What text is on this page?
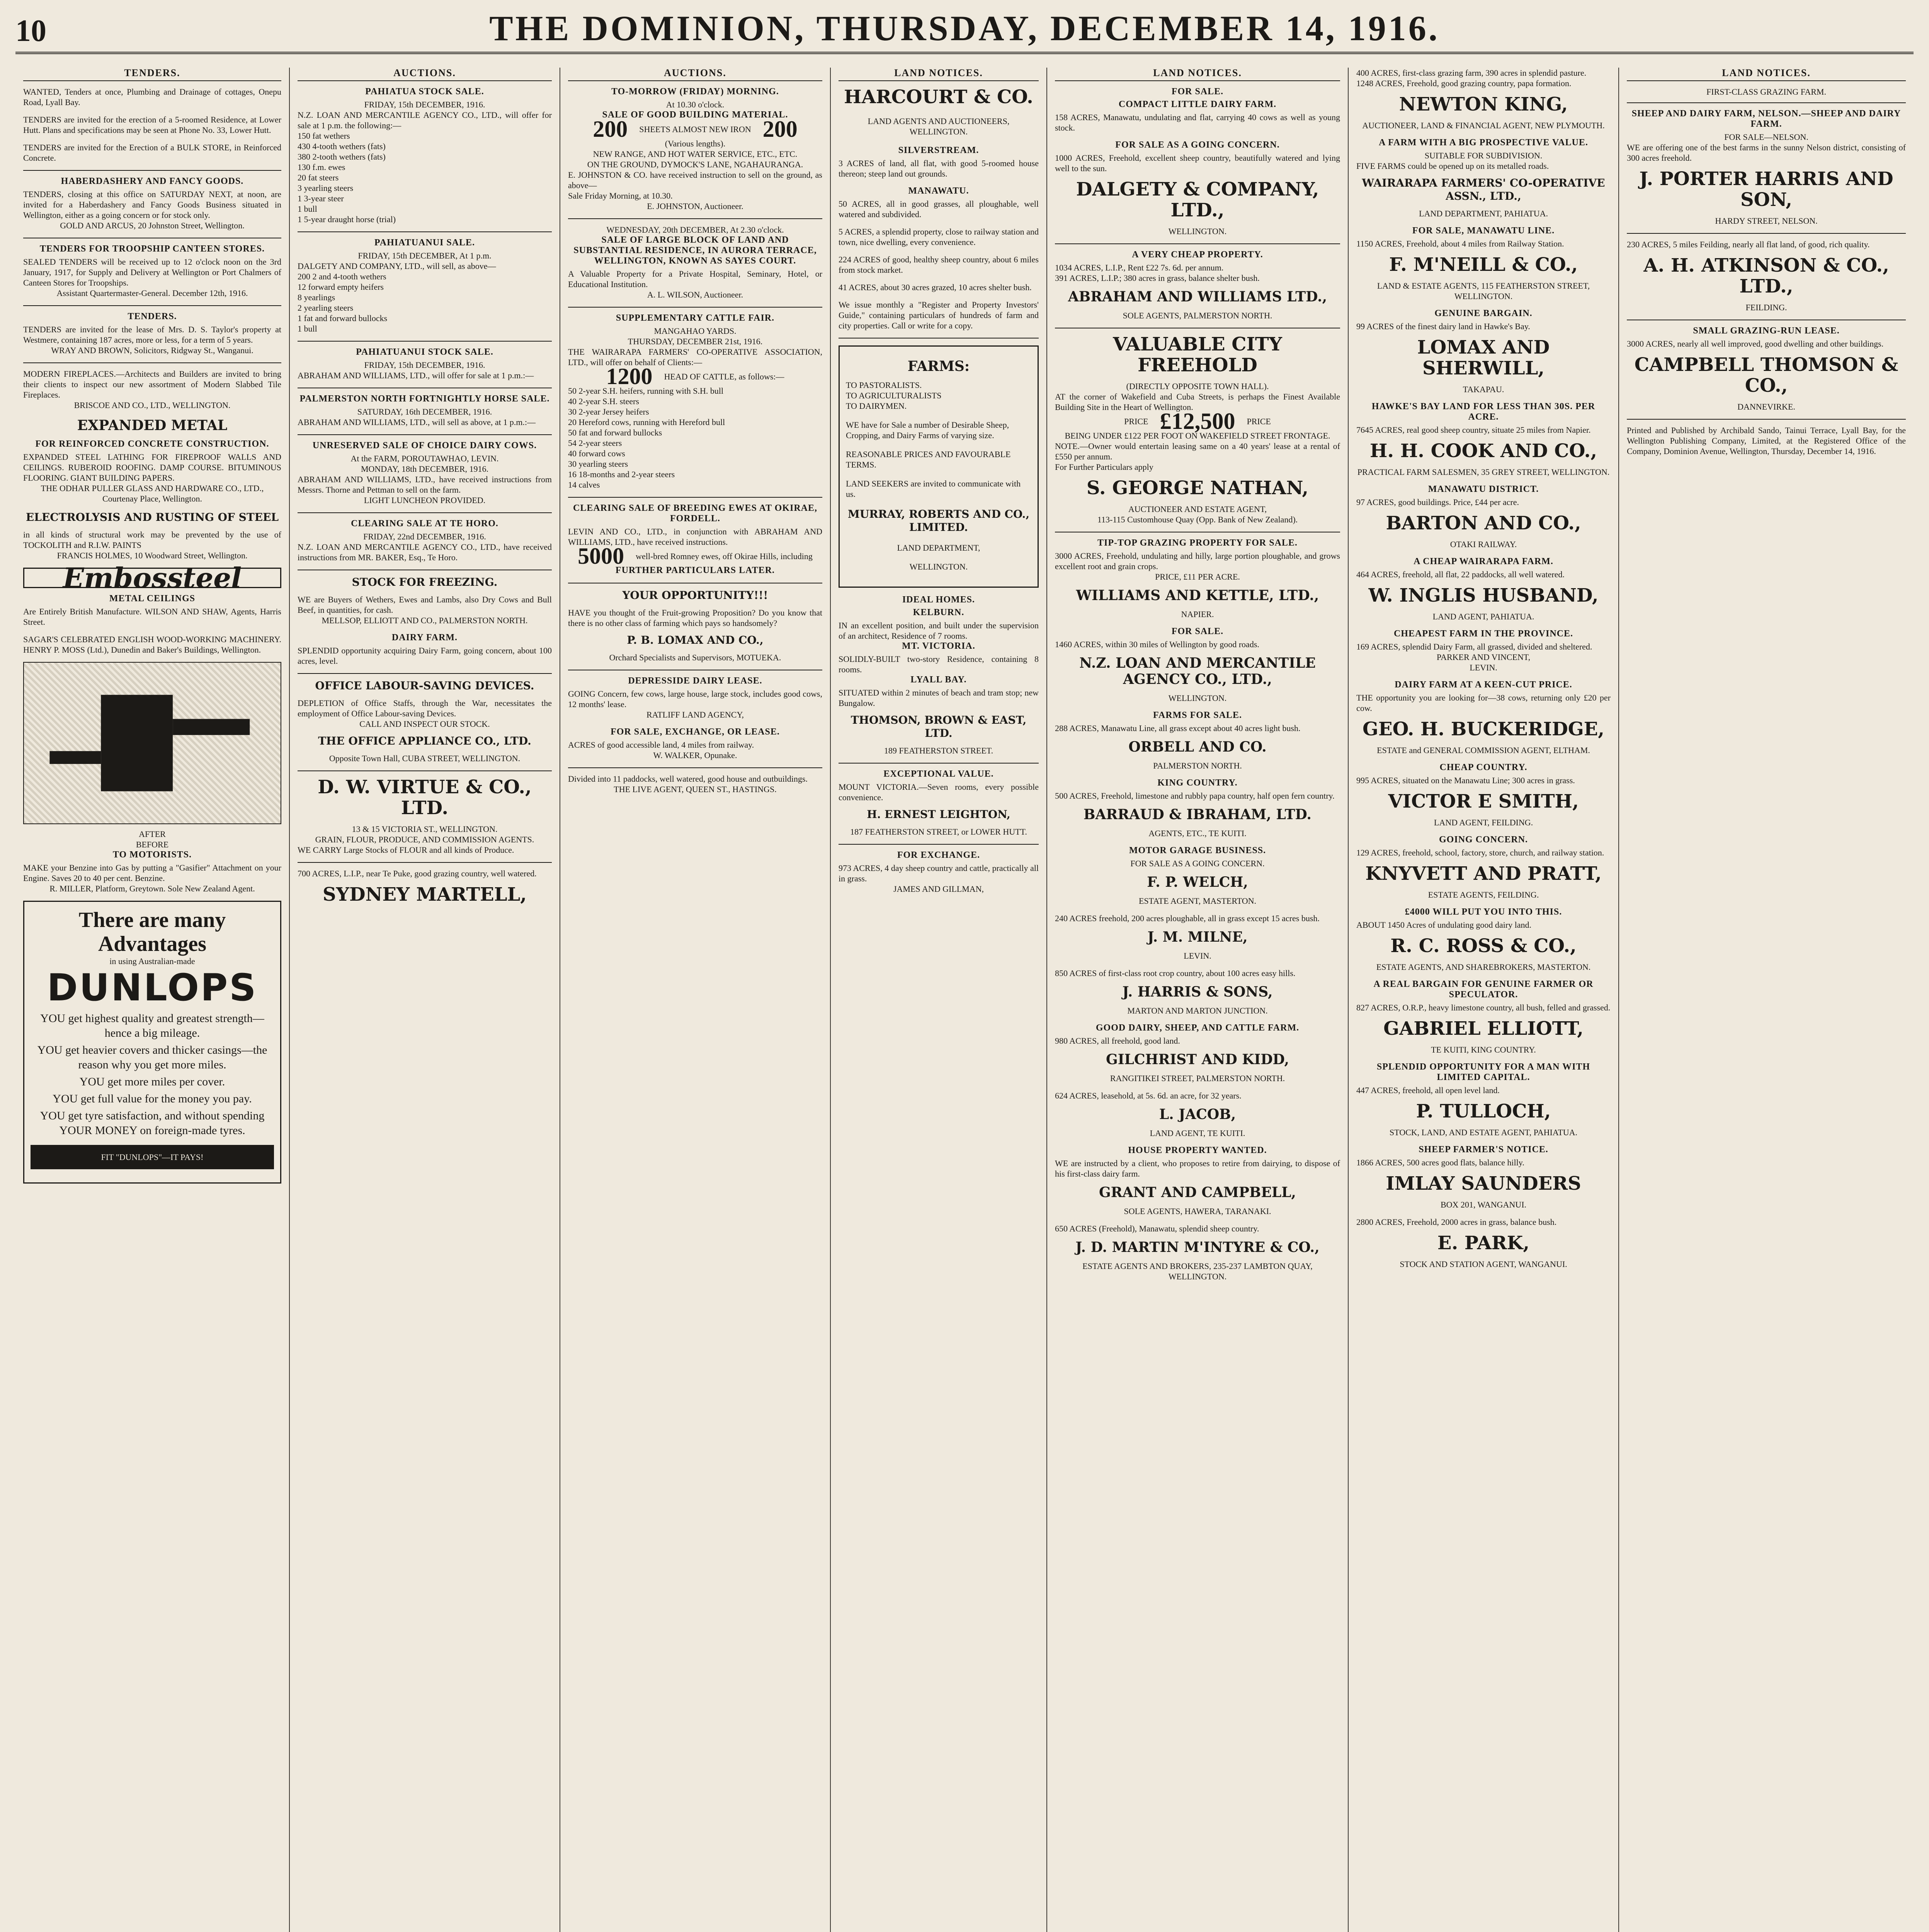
10	THE DOMINION, THURSDAY, DECEMBER 14, 1916.
TENDERS.

WANTED, Tenders at once, Plumbing and Drainage of cottages, Onepu Road, Lyall Bay.

TENDERS are invited for the erection of a 5-roomed Residence, at Lower Hutt. Plans and specifications may be seen at Phone No. 33, Lower Hutt.

TENDERS are invited for the Erection of a BULK STORE, in Reinforced Concrete.

HABERDASHERY AND FANCY GOODS.

TENDERS, closing at this office on SATURDAY NEXT, at noon, are invited for a Haberdashery and Fancy Goods Business situated in Wellington, either as a going concern or for stock only.

GOLD AND ARCUS, 20 Johnston Street, Wellington.

TENDERS FOR TROOPSHIP CANTEEN STORES.

SEALED TENDERS will be received up to 12 o'clock noon on the 3rd January, 1917, for Supply and Delivery at Wellington or Port Chalmers of Canteen Stores for Troopships.

Assistant Quartermaster-General. December 12th, 1916.

TENDERS.

TENDERS are invited for the lease of Mrs. D. S. Taylor's property at Westmere, containing 187 acres, more or less, for a term of 5 years.

WRAY AND BROWN, Solicitors, Ridgway St., Wanganui.

MODERN FIREPLACES.—Architects and Builders are invited to bring their clients to inspect our new assortment of Modern Slabbed Tile Fireplaces.

BRISCOE AND CO., LTD., WELLINGTON.

EXPANDED METAL
FOR REINFORCED CONCRETE CONSTRUCTION.

EXPANDED STEEL LATHING FOR FIREPROOF WALLS AND CEILINGS. RUBEROID ROOFING. DAMP COURSE. BITUMINOUS FLOORING. GIANT BUILDING PAPERS.

THE ODHAR PULLER GLASS AND HARDWARE CO., LTD., Courtenay Place, Wellington.

ELECTROLYSIS AND RUSTING OF STEEL

in all kinds of structural work may be prevented by the use of TOCKOLITH and R.I.W. PAINTS

FRANCIS HOLMES, 10 Woodward Street, Wellington.

Embossteel
METAL CEILINGS

Are Entirely British Manufacture. WILSON AND SHAW, Agents, Harris Street.

SAGAR'S CELEBRATED ENGLISH WOOD-WORKING MACHINERY. HENRY P. MOSS (Ltd.), Dunedin and Baker's Buildings, Wellington.

AFTER
BEFORE
TO MOTORISTS.

MAKE your Benzine into Gas by putting a "Gasifier" Attachment on your Engine. Saves 20 to 40 per cent. Benzine.

R. MILLER, Platform, Greytown. Sole New Zealand Agent.

There are many Advantages
in using Australian-made
DUNLOPS
YOU get highest quality and greatest strength—hence a big mileage.
YOU get heavier covers and thicker casings—the reason why you get more miles.
YOU get more miles per cover.
YOU get full value for the money you pay.
YOU get tyre satisfaction, and without spending YOUR MONEY on foreign-made tyres.
FIT "DUNLOPS"—IT PAYS!
AUCTIONS.
PAHIATUA STOCK SALE.

FRIDAY, 15th DECEMBER, 1916.

N.Z. LOAN AND MERCANTILE AGENCY CO., LTD., will offer for sale at 1 p.m. the following:—

150 fat wethers

430 4-tooth wethers (fats)

380 2-tooth wethers (fats)

130 f.m. ewes

20 fat steers

3 yearling steers

1 3-year steer

1 bull

1 5-year draught horse (trial)

PAHIATUANUI SALE.

FRIDAY, 15th DECEMBER, At 1 p.m.

DALGETY AND COMPANY, LTD., will sell, as above—

200 2 and 4-tooth wethers

12 forward empty heifers

8 yearlings

2 yearling steers

1 fat and forward bullocks

1 bull

PAHIATUANUI STOCK SALE.

FRIDAY, 15th DECEMBER, 1916.

ABRAHAM AND WILLIAMS, LTD., will offer for sale at 1 p.m.:—

PALMERSTON NORTH FORTNIGHTLY HORSE SALE.

SATURDAY, 16th DECEMBER, 1916.

ABRAHAM AND WILLIAMS, LTD., will sell as above, at 1 p.m.:—

UNRESERVED SALE OF CHOICE DAIRY COWS.

At the FARM, POROUTAWHAO, LEVIN.

MONDAY, 18th DECEMBER, 1916.

ABRAHAM AND WILLIAMS, LTD., have received instructions from Messrs. Thorne and Pettman to sell on the farm.

LIGHT LUNCHEON PROVIDED.

CLEARING SALE AT TE HORO.

FRIDAY, 22nd DECEMBER, 1916.

N.Z. LOAN AND MERCANTILE AGENCY CO., LTD., have received instructions from MR. BAKER, Esq., Te Horo.

STOCK FOR FREEZING.

WE are Buyers of Wethers, Ewes and Lambs, also Dry Cows and Bull Beef, in quantities, for cash.

MELLSOP, ELLIOTT AND CO., PALMERSTON NORTH.

DAIRY FARM.

SPLENDID opportunity acquiring Dairy Farm, going concern, about 100 acres, level.

OFFICE LABOUR-SAVING DEVICES.

DEPLETION of Office Staffs, through the War, necessitates the employment of Office Labour-saving Devices.

CALL AND INSPECT OUR STOCK.

THE OFFICE APPLIANCE CO., LTD.

Opposite Town Hall, CUBA STREET, WELLINGTON.

D. W. VIRTUE & CO., LTD.

13 & 15 VICTORIA ST., WELLINGTON.

GRAIN, FLOUR, PRODUCE, AND COMMISSION AGENTS.

WE CARRY Large Stocks of FLOUR and all kinds of Produce.

700 ACRES, L.I.P., near Te Puke, good grazing country, well watered.

SYDNEY MARTELL,
AUCTIONS.
TO-MORROW (FRIDAY) MORNING.

At 10.30 o'clock.

SALE OF GOOD BUILDING MATERIAL.
200 SHEETS ALMOST NEW IRON 200

(Various lengths).

NEW RANGE, AND HOT WATER SERVICE, ETC., ETC.

ON THE GROUND, DYMOCK'S LANE, NGAHAURANGA.

E. JOHNSTON & CO. have received instruction to sell on the ground, as above—

Sale Friday Morning, at 10.30.

E. JOHNSTON, Auctioneer.

WEDNESDAY, 20th DECEMBER, At 2.30 o'clock.

SALE OF LARGE BLOCK OF LAND AND SUBSTANTIAL RESIDENCE, IN AURORA TERRACE, WELLINGTON, KNOWN AS SAYES COURT.

A Valuable Property for a Private Hospital, Seminary, Hotel, or Educational Institution.

A. L. WILSON, Auctioneer.

SUPPLEMENTARY CATTLE FAIR.

MANGAHAO YARDS.

THURSDAY, DECEMBER 21st, 1916.

THE WAIRARAPA FARMERS' CO-OPERATIVE ASSOCIATION, LTD., will offer on behalf of Clients:—

1200 HEAD OF CATTLE, as follows:—

50 2-year S.H. heifers, running with S.H. bull

40 2-year S.H. steers

30 2-year Jersey heifers

20 Hereford cows, running with Hereford bull

50 fat and forward bullocks

54 2-year steers

40 forward cows

30 yearling steers

16 18-months and 2-year steers

14 calves

CLEARING SALE OF BREEDING EWES AT OKIRAE, FORDELL.

LEVIN AND CO., LTD., in conjunction with ABRAHAM AND WILLIAMS, LTD., have received instructions.

5000 well-bred Romney ewes, off Okirae Hills, including
FURTHER PARTICULARS LATER.
YOUR OPPORTUNITY!!!

HAVE you thought of the Fruit-growing Proposition? Do you know that there is no other class of farming which pays so handsomely?

P. B. LOMAX AND CO.,

Orchard Specialists and Supervisors, MOTUEKA.

DEPRESSIDE DAIRY LEASE.

GOING Concern, few cows, large house, large stock, includes good cows, 12 months' lease.

RATLIFF LAND AGENCY,

FOR SALE, EXCHANGE, OR LEASE.

ACRES of good accessible land, 4 miles from railway.

W. WALKER, Opunake.

Divided into 11 paddocks, well watered, good house and outbuildings.

THE LIVE AGENT, QUEEN ST., HASTINGS.

LAND NOTICES.
HARCOURT & CO.

LAND AGENTS AND AUCTIONEERS, WELLINGTON.

SILVERSTREAM.

3 ACRES of land, all flat, with good 5-roomed house thereon; steep land out grounds.

MANAWATU.

50 ACRES, all in good grasses, all ploughable, well watered and subdivided.

5 ACRES, a splendid property, close to railway station and town, nice dwelling, every convenience.

224 ACRES of good, healthy sheep country, about 6 miles from stock market.

41 ACRES, about 30 acres grazed, 10 acres shelter bush.

We issue monthly a "Register and Property Investors' Guide," containing particulars of hundreds of farm and city properties. Call or write for a copy.

FARMS:
TO PASTORALISTS.
TO AGRICULTURALISTS
TO DAIRYMEN.

WE have for Sale a number of Desirable Sheep, Cropping, and Dairy Farms of varying size.

REASONABLE PRICES AND FAVOURABLE TERMS.

LAND SEEKERS are invited to communicate with us.

MURRAY, ROBERTS AND CO., LIMITED.

LAND DEPARTMENT,

WELLINGTON.

IDEAL HOMES.
KELBURN.

IN an excellent position, and built under the supervision of an architect, Residence of 7 rooms.

MT. VICTORIA.

SOLIDLY-BUILT two-story Residence, containing 8 rooms.

LYALL BAY.

SITUATED within 2 minutes of beach and tram stop; new Bungalow.

THOMSON, BROWN & EAST, LTD.

189 FEATHERSTON STREET.

EXCEPTIONAL VALUE.

MOUNT VICTORIA.—Seven rooms, every possible convenience.

H. ERNEST LEIGHTON,

187 FEATHERSTON STREET, or LOWER HUTT.

FOR EXCHANGE.

973 ACRES, 4 day sheep country and cattle, practically all in grass.

JAMES AND GILLMAN,

LAND NOTICES.
FOR SALE.
COMPACT LITTLE DAIRY FARM.

158 ACRES, Manawatu, undulating and flat, carrying 40 cows as well as young stock.

FOR SALE AS A GOING CONCERN.

1000 ACRES, Freehold, excellent sheep country, beautifully watered and lying well to the sun.

DALGETY & COMPANY, LTD.,

WELLINGTON.

A VERY CHEAP PROPERTY.

1034 ACRES, L.I.P., Rent £22 7s. 6d. per annum.

391 ACRES, L.I.P.; 380 acres in grass, balance shelter bush.

ABRAHAM AND WILLIAMS LTD.,

SOLE AGENTS, PALMERSTON NORTH.

VALUABLE CITY FREEHOLD

(DIRECTLY OPPOSITE TOWN HALL).

AT the corner of Wakefield and Cuba Streets, is perhaps the Finest Available Building Site in the Heart of Wellington.

PRICE £12,500 PRICE

BEING UNDER £122 PER FOOT ON WAKEFIELD STREET FRONTAGE.

NOTE.—Owner would entertain leasing same on a 40 years' lease at a rental of £550 per annum.

For Further Particulars apply

S. GEORGE NATHAN,

AUCTIONEER AND ESTATE AGENT,

113-115 Customhouse Quay (Opp. Bank of New Zealand).

TIP-TOP GRAZING PROPERTY FOR SALE.

3000 ACRES, Freehold, undulating and hilly, large portion ploughable, and grows excellent root and grain crops.

PRICE, £11 PER ACRE.

WILLIAMS AND KETTLE, LTD.,

NAPIER.

FOR SALE.

1460 ACRES, within 30 miles of Wellington by good roads.

N.Z. LOAN AND MERCANTILE AGENCY CO., LTD.,

WELLINGTON.

FARMS FOR SALE.

288 ACRES, Manawatu Line, all grass except about 40 acres light bush.

ORBELL AND CO.

PALMERSTON NORTH.

KING COUNTRY.

500 ACRES, Freehold, limestone and rubbly papa country, half open fern country.

BARRAUD & IBRAHAM, LTD.

AGENTS, ETC., TE KUITI.

MOTOR GARAGE BUSINESS.

FOR SALE AS A GOING CONCERN.

F. P. WELCH,

ESTATE AGENT, MASTERTON.

240 ACRES freehold, 200 acres ploughable, all in grass except 15 acres bush.

J. M. MILNE,

LEVIN.

850 ACRES of first-class root crop country, about 100 acres easy hills.

J. HARRIS & SONS,

MARTON AND MARTON JUNCTION.

GOOD DAIRY, SHEEP, AND CATTLE FARM.

980 ACRES, all freehold, good land.

GILCHRIST AND KIDD,

RANGITIKEI STREET, PALMERSTON NORTH.

624 ACRES, leasehold, at 5s. 6d. an acre, for 32 years.

L. JACOB,

LAND AGENT, TE KUITI.

HOUSE PROPERTY WANTED.

WE are instructed by a client, who proposes to retire from dairying, to dispose of his first-class dairy farm.

GRANT AND CAMPBELL,

SOLE AGENTS, HAWERA, TARANAKI.

650 ACRES (Freehold), Manawatu, splendid sheep country.

J. D. MARTIN M'INTYRE & CO.,

ESTATE AGENTS AND BROKERS, 235-237 LAMBTON QUAY, WELLINGTON.

400 ACRES, first-class grazing farm, 390 acres in splendid pasture.

1248 ACRES, Freehold, good grazing country, papa formation.

NEWTON KING,

AUCTIONEER, LAND & FINANCIAL AGENT, NEW PLYMOUTH.

A FARM WITH A BIG PROSPECTIVE VALUE.

SUITABLE FOR SUBDIVISION.

FIVE FARMS could be opened up on its metalled roads.

WAIRARAPA FARMERS' CO-OPERATIVE ASSN., LTD.,

LAND DEPARTMENT, PAHIATUA.

FOR SALE, MANAWATU LINE.

1150 ACRES, Freehold, about 4 miles from Railway Station.

F. M'NEILL & CO.,

LAND & ESTATE AGENTS, 115 FEATHERSTON STREET, WELLINGTON.

GENUINE BARGAIN.

99 ACRES of the finest dairy land in Hawke's Bay.

LOMAX AND SHERWILL,

TAKAPAU.

HAWKE'S BAY LAND FOR LESS THAN 30S. PER ACRE.

7645 ACRES, real good sheep country, situate 25 miles from Napier.

H. H. COOK AND CO.,

PRACTICAL FARM SALESMEN, 35 GREY STREET, WELLINGTON.

MANAWATU DISTRICT.

97 ACRES, good buildings. Price, £44 per acre.

BARTON AND CO.,

OTAKI RAILWAY.

A CHEAP WAIRARAPA FARM.

464 ACRES, freehold, all flat, 22 paddocks, all well watered.

W. INGLIS HUSBAND,

LAND AGENT, PAHIATUA.

CHEAPEST FARM IN THE PROVINCE.

169 ACRES, splendid Dairy Farm, all grassed, divided and sheltered.

PARKER AND VINCENT,

LEVIN.

DAIRY FARM AT A KEEN-CUT PRICE.

THE opportunity you are looking for—38 cows, returning only £20 per cow.

GEO. H. BUCKERIDGE,

ESTATE and GENERAL COMMISSION AGENT, ELTHAM.

CHEAP COUNTRY.

995 ACRES, situated on the Manawatu Line; 300 acres in grass.

VICTOR E SMITH,

LAND AGENT, FEILDING.

GOING CONCERN.

129 ACRES, freehold, school, factory, store, church, and railway station.

KNYVETT AND PRATT,

ESTATE AGENTS, FEILDING.

£4000 WILL PUT YOU INTO THIS.

ABOUT 1450 Acres of undulating good dairy land.

R. C. ROSS & CO.,

ESTATE AGENTS, AND SHAREBROKERS, MASTERTON.

A REAL BARGAIN FOR GENUINE FARMER OR SPECULATOR.

827 ACRES, O.R.P., heavy limestone country, all bush, felled and grassed.

GABRIEL ELLIOTT,

TE KUITI, KING COUNTRY.

SPLENDID OPPORTUNITY FOR A MAN WITH LIMITED CAPITAL.

447 ACRES, freehold, all open level land.

P. TULLOCH,

STOCK, LAND, AND ESTATE AGENT, PAHIATUA.

SHEEP FARMER'S NOTICE.

1866 ACRES, 500 acres good flats, balance hilly.

IMLAY SAUNDERS

BOX 201, WANGANUI.

2800 ACRES, Freehold, 2000 acres in grass, balance bush.

E. PARK,

STOCK AND STATION AGENT, WANGANUI.

LAND NOTICES.
FIRST-CLASS GRAZING FARM.
SHEEP AND DAIRY FARM, NELSON.—SHEEP AND DAIRY FARM.

FOR SALE—NELSON.

WE are offering one of the best farms in the sunny Nelson district, consisting of 300 acres freehold.

J. PORTER HARRIS AND SON,

HARDY STREET, NELSON.

230 ACRES, 5 miles Feilding, nearly all flat land, of good, rich quality.

A. H. ATKINSON & CO., LTD.,

FEILDING.

SMALL GRAZING-RUN LEASE.

3000 ACRES, nearly all well improved, good dwelling and other buildings.

CAMPBELL THOMSON & CO.,

DANNEVIRKE.

Printed and Published by Archibald Sando, Tainui Terrace, Lyall Bay, for the Wellington Publishing Company, Limited, at the Registered Office of the Company, Dominion Avenue, Wellington, Thursday, December 14, 1916.
